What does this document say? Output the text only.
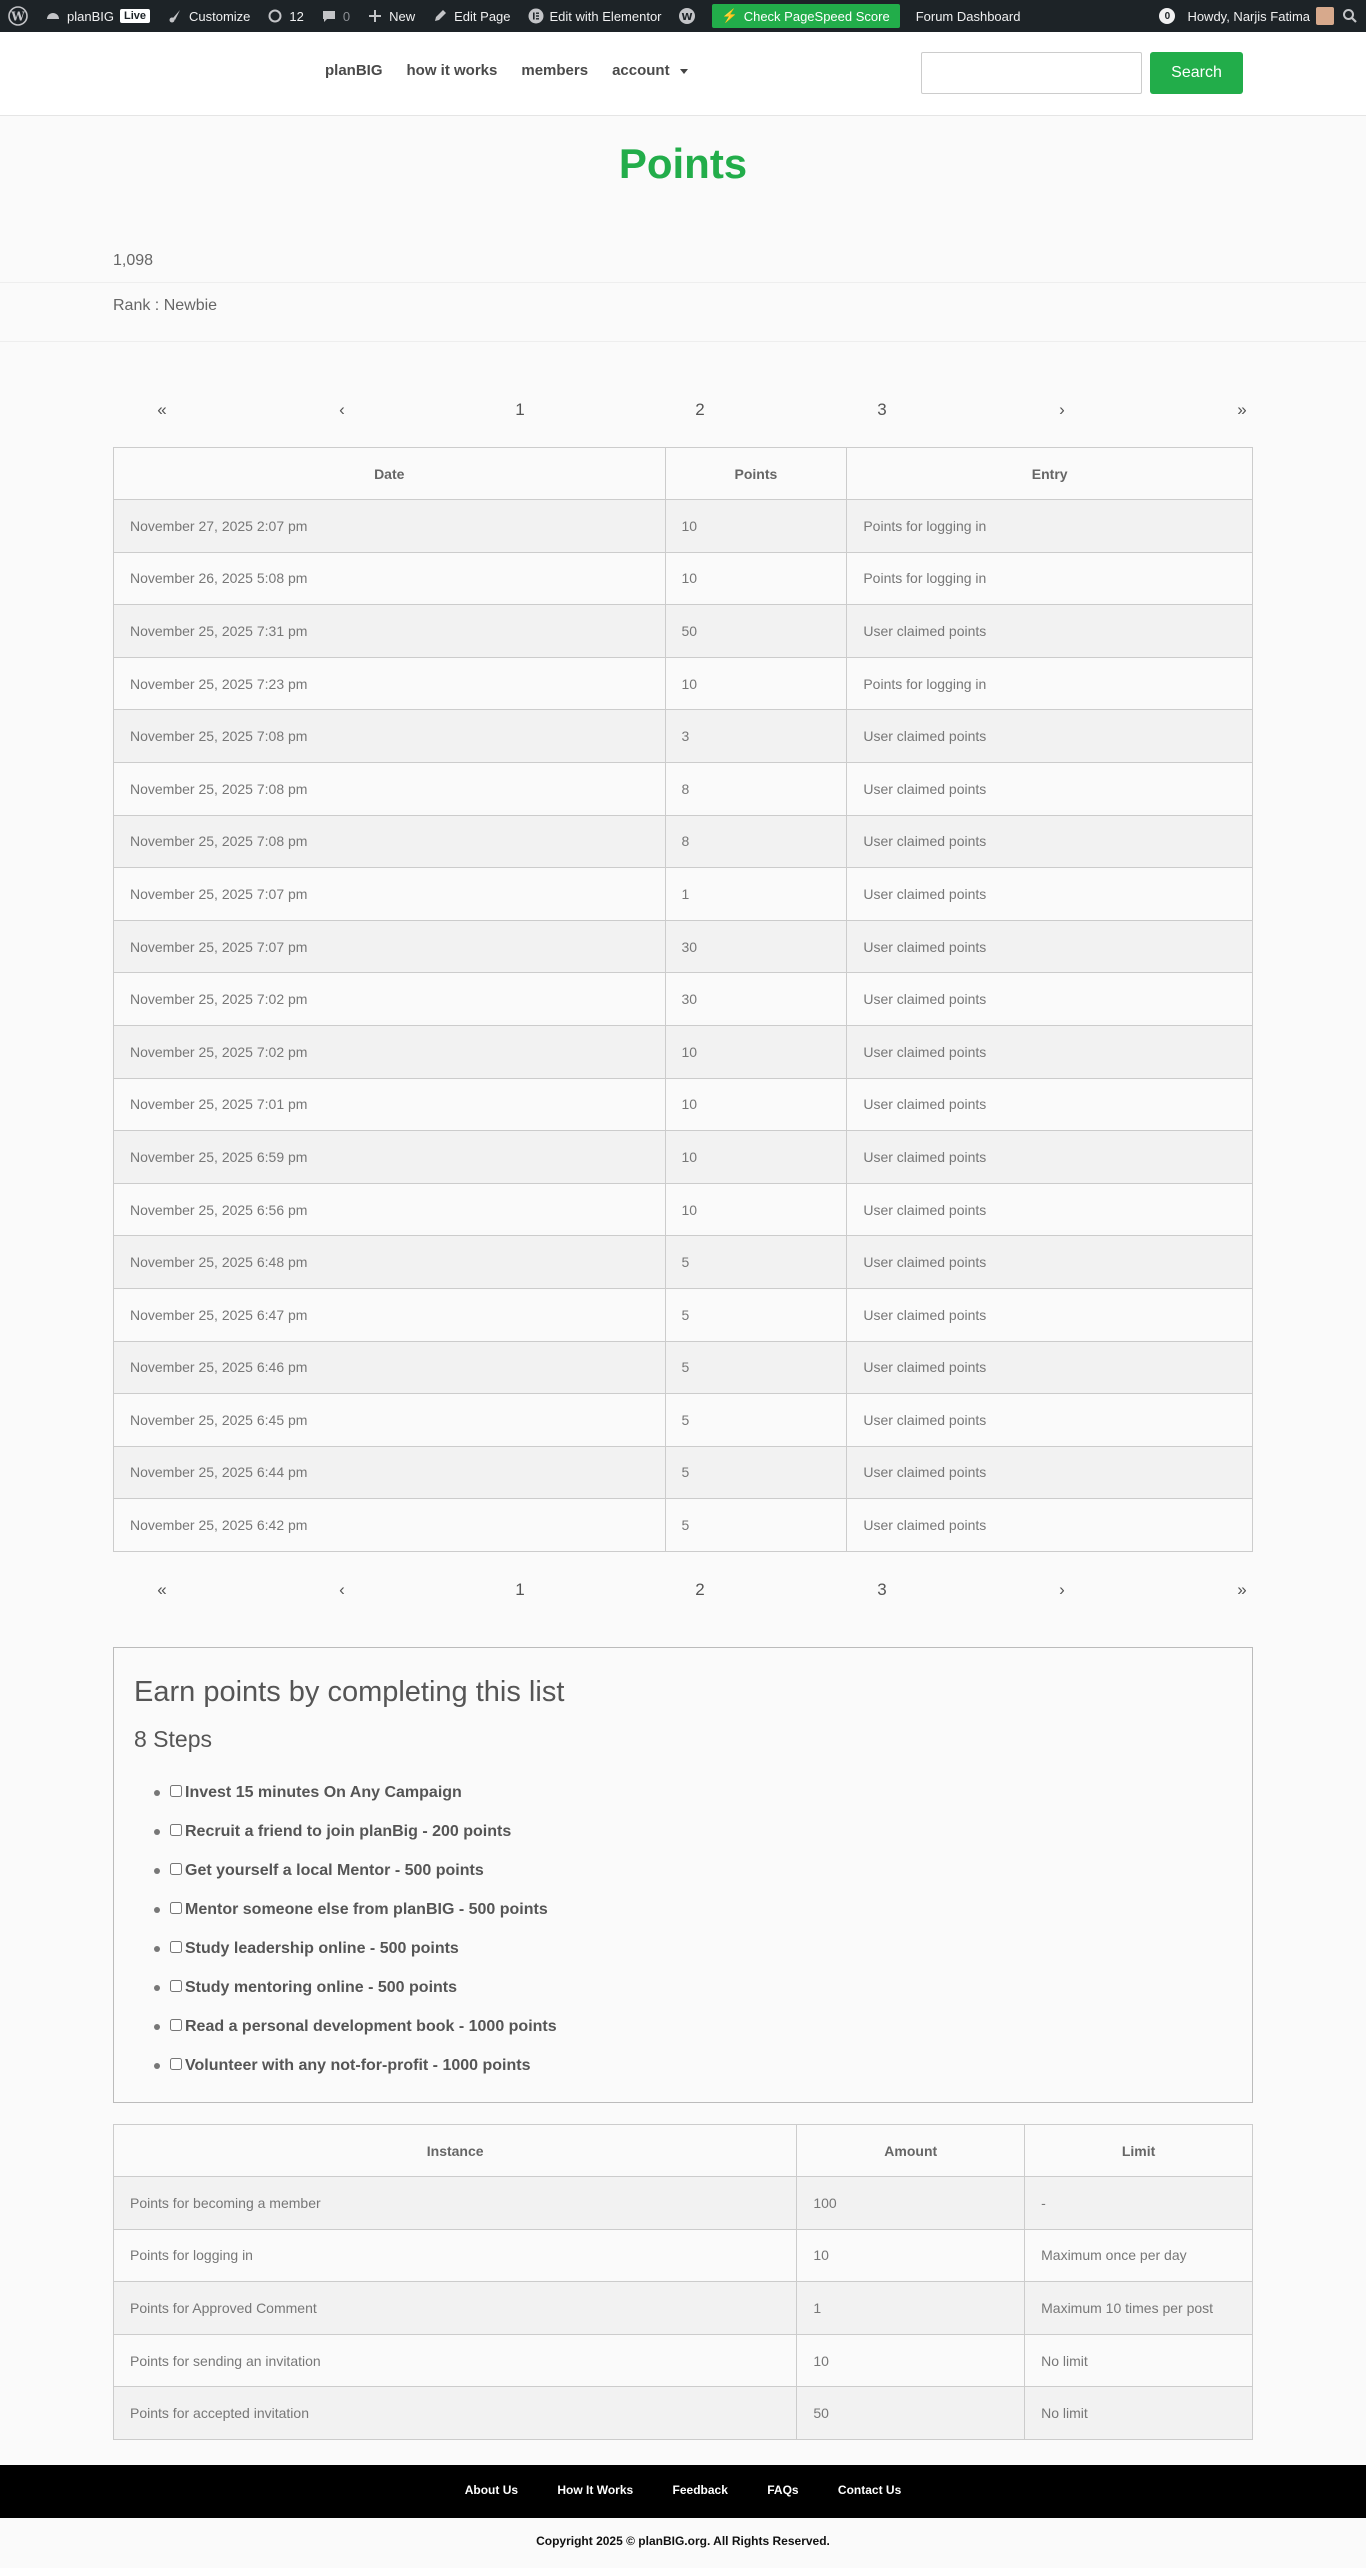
W	planBIG Live	Customize	12	0	New	Edit Page	Edit with Elementor W ⚡ Check PageSpeed Score Forum Dashboard	0	Howdy, Narjis Fatima
planBIG how it works members account	Search
Points
1,098
Rank : Newbie
«	‹	1	2	3	›	»
Date	Points	Entry
November 27, 2025 2:07 pm	10	Points for logging in
November 26, 2025 5:08 pm	10	Points for logging in
November 25, 2025 7:31 pm	50	User claimed points
November 25, 2025 7:23 pm	10	Points for logging in
November 25, 2025 7:08 pm	3	User claimed points
November 25, 2025 7:08 pm	8	User claimed points
November 25, 2025 7:08 pm	8	User claimed points
November 25, 2025 7:07 pm	1	User claimed points
November 25, 2025 7:07 pm	30	User claimed points
November 25, 2025 7:02 pm	30	User claimed points
November 25, 2025 7:02 pm	10	User claimed points
November 25, 2025 7:01 pm	10	User claimed points
November 25, 2025 6:59 pm	10	User claimed points
November 25, 2025 6:56 pm	10	User claimed points
November 25, 2025 6:48 pm	5	User claimed points
November 25, 2025 6:47 pm	5	User claimed points
November 25, 2025 6:46 pm	5	User claimed points
November 25, 2025 6:45 pm	5	User claimed points
November 25, 2025 6:44 pm	5	User claimed points
November 25, 2025 6:42 pm	5	User claimed points
«	‹	1	2	3	›	»
Earn points by completing this list
8 Steps
Invest 15 minutes On Any Campaign
Recruit a friend to join planBig - 200 points
Get yourself a local Mentor - 500 points
Mentor someone else from planBIG - 500 points
Study leadership online - 500 points
Study mentoring online - 500 points
Read a personal development book - 1000 points
Volunteer with any not-for-profit - 1000 points
Instance	Amount	Limit
Points for becoming a member	100	-
Points for logging in	10	Maximum once per day
Points for Approved Comment	1	Maximum 10 times per post
Points for sending an invitation	10	No limit
Points for accepted invitation	50	No limit
About Us	How It Works	Feedback	FAQs	Contact Us
Copyright 2025 © planBIG.org. All Rights Reserved.
